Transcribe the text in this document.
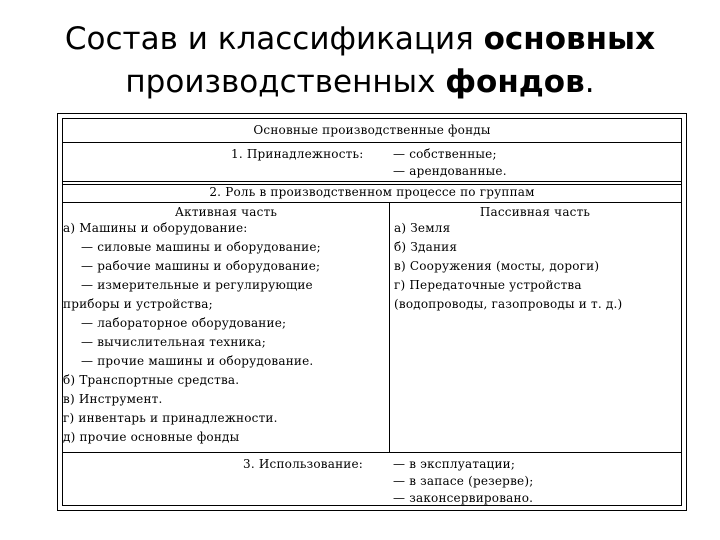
Состав и классификация основных
производственных фондов.
Основные производственные фонды
1. Принадлежность: — собственные;
— арендованные.
2. Роль в производственном процессе по группам
Активная часть
а) Машины и оборудование:
— силовые машины и оборудование;
— рабочие машины и оборудование;
— измерительные и регулирующие
приборы и устройства;
— лабораторное оборудование;
— вычислительная техника;
— прочие машины и оборудование.
б) Транспортные средства.
в) Инструмент.
г) инвентарь и принадлежности.
д) прочие основные фонды
Пассивная часть
а) Земля
б) Здания
в) Сооружения (мосты, дороги)
г) Передаточные устройства
(водопроводы, газопроводы и т. д.)
3. Использование: — в эксплуатации;
— в запасе (резерве);
— законсервировано.
